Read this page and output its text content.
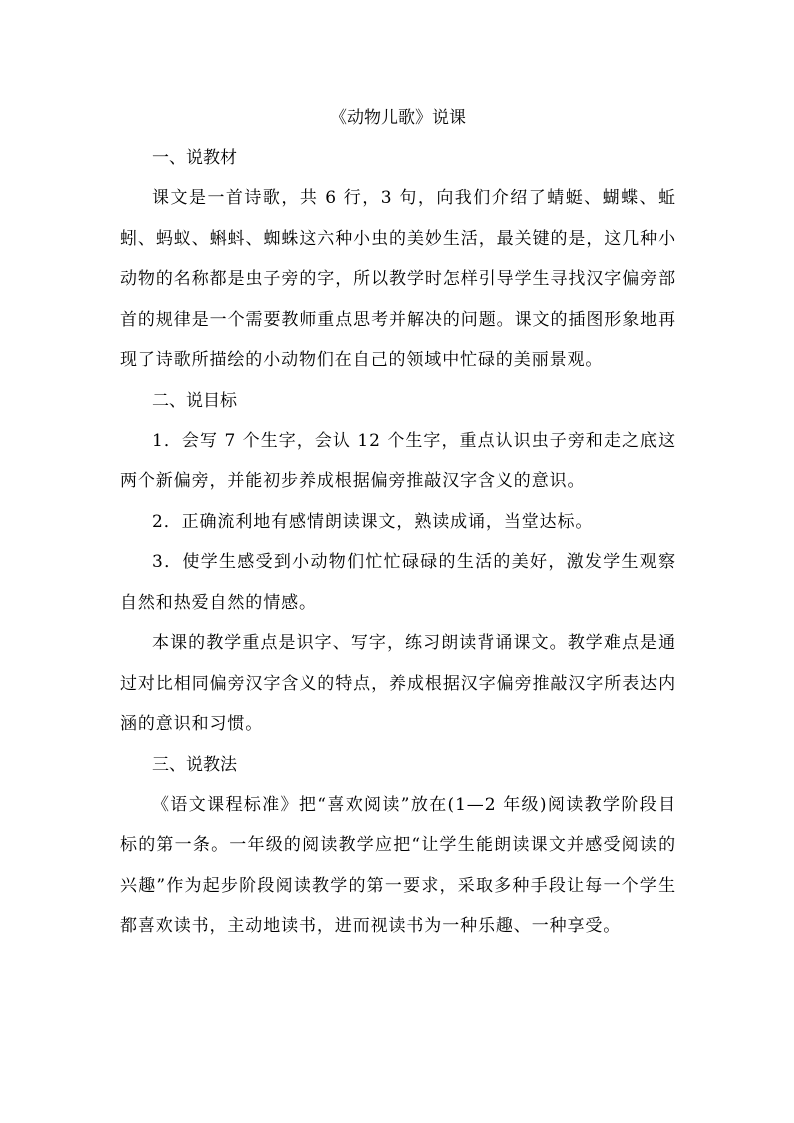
《动物儿歌》说课

一、说教材

课文是一首诗歌，共 6 行，3 句，向我们介绍了蜻蜓、蝴蝶、蚯蚓、蚂蚁、蝌蚪、蜘蛛这六种小虫的美妙生活，最关键的是，这几种小动物的名称都是虫子旁的字，所以教学时怎样引导学生寻找汉字偏旁部首的规律是一个需要教师重点思考并解决的问题。课文的插图形象地再现了诗歌所描绘的小动物们在自己的领域中忙碌的美丽景观。

二、说目标

1．会写 7 个生字，会认 12 个生字，重点认识虫子旁和走之底这两个新偏旁，并能初步养成根据偏旁推敲汉字含义的意识。

2．正确流利地有感情朗读课文，熟读成诵，当堂达标。

3．使学生感受到小动物们忙忙碌碌的生活的美好，激发学生观察自然和热爱自然的情感。

本课的教学重点是识字、写字，练习朗读背诵课文。教学难点是通过对比相同偏旁汉字含义的特点，养成根据汉字偏旁推敲汉字所表达内涵的意识和习惯。

三、说教法

《语文课程标准》把“喜欢阅读”放在(1—2 年级)阅读教学阶段目标的第一条。一年级的阅读教学应把“让学生能朗读课文并感受阅读的兴趣”作为起步阶段阅读教学的第一要求，采取多种手段让每一个学生都喜欢读书，主动地读书，进而视读书为一种乐趣、一种享受。
